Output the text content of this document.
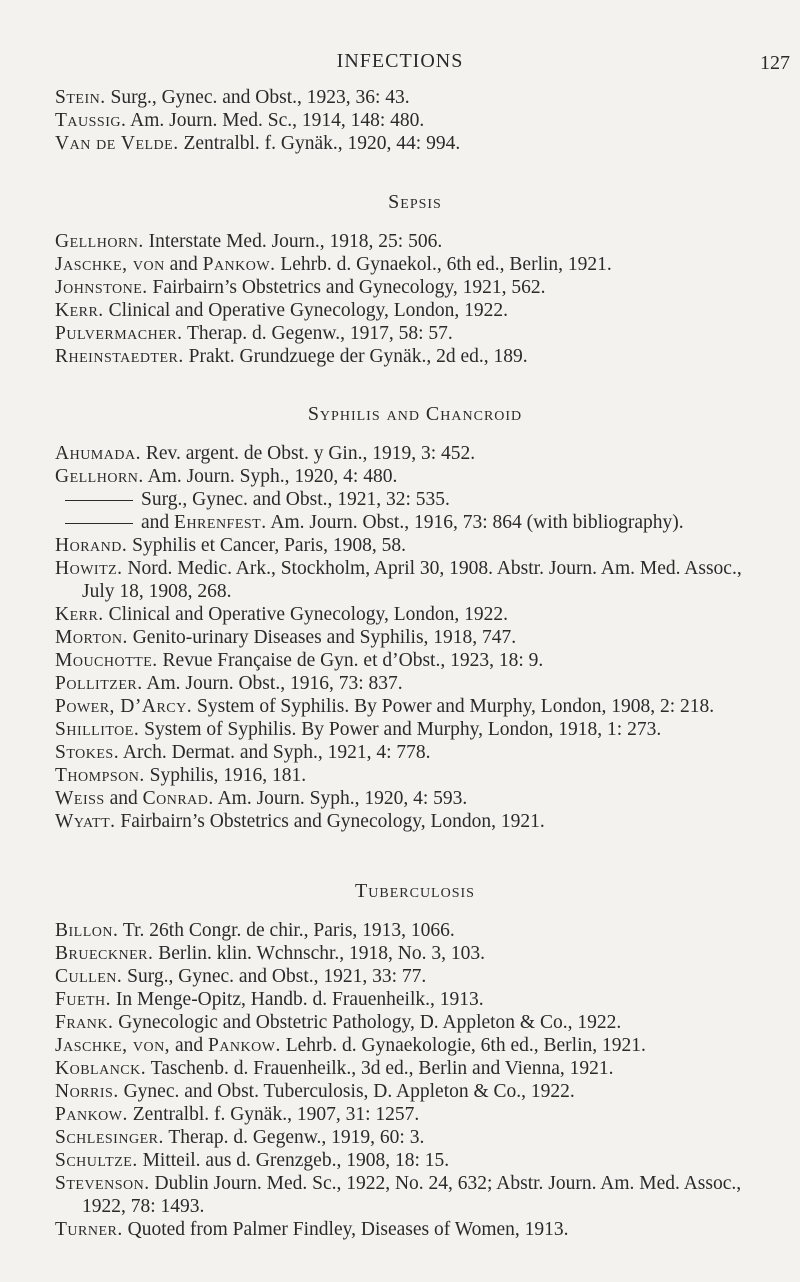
INFECTIONS	127

Stein. Surg., Gynec. and Obst., 1923, 36: 43.

Taussig. Am. Journ. Med. Sc., 1914, 148: 480.

Van de Velde. Zentralbl. f. Gynäk., 1920, 44: 994.

Sepsis

Gellhorn. Interstate Med. Journ., 1918, 25: 506.

Jaschke, von and Pankow. Lehrb. d. Gynaekol., 6th ed., Berlin, 1921.

Johnstone. Fairbairn’s Obstetrics and Gynecology, 1921, 562.

Kerr. Clinical and Operative Gynecology, London, 1922.

Pulvermacher. Therap. d. Gegenw., 1917, 58: 57.

Rheinstaedter. Prakt. Grundzuege der Gynäk., 2d ed., 189.

Syphilis and Chancroid

Ahumada. Rev. argent. de Obst. y Gin., 1919, 3: 452.

Gellhorn. Am. Journ. Syph., 1920, 4: 480.

Surg., Gynec. and Obst., 1921, 32: 535.

and Ehrenfest. Am. Journ. Obst., 1916, 73: 864 (with bibliography).

Horand. Syphilis et Cancer, Paris, 1908, 58.

Howitz. Nord. Medic. Ark., Stockholm, April 30, 1908. Abstr. Journ. Am. Med. Assoc., July 18, 1908, 268.

Kerr. Clinical and Operative Gynecology, London, 1922.

Morton. Genito-urinary Diseases and Syphilis, 1918, 747.

Mouchotte. Revue Française de Gyn. et d’Obst., 1923, 18: 9.

Pollitzer. Am. Journ. Obst., 1916, 73: 837.

Power, D’Arcy. System of Syphilis. By Power and Murphy, London, 1908, 2: 218.

Shillitoe. System of Syphilis. By Power and Murphy, London, 1918, 1: 273.

Stokes. Arch. Dermat. and Syph., 1921, 4: 778.

Thompson. Syphilis, 1916, 181.

Weiss and Conrad. Am. Journ. Syph., 1920, 4: 593.

Wyatt. Fairbairn’s Obstetrics and Gynecology, London, 1921.

Tuberculosis

Billon. Tr. 26th Congr. de chir., Paris, 1913, 1066.

Brueckner. Berlin. klin. Wchnschr., 1918, No. 3, 103.

Cullen. Surg., Gynec. and Obst., 1921, 33: 77.

Fueth. In Menge-Opitz, Handb. d. Frauenheilk., 1913.

Frank. Gynecologic and Obstetric Pathology, D. Appleton & Co., 1922.

Jaschke, von, and Pankow. Lehrb. d. Gynaekologie, 6th ed., Berlin, 1921.

Koblanck. Taschenb. d. Frauenheilk., 3d ed., Berlin and Vienna, 1921.

Norris. Gynec. and Obst. Tuberculosis, D. Appleton & Co., 1922.

Pankow. Zentralbl. f. Gynäk., 1907, 31: 1257.

Schlesinger. Therap. d. Gegenw., 1919, 60: 3.

Schultze. Mitteil. aus d. Grenzgeb., 1908, 18: 15.

Stevenson. Dublin Journ. Med. Sc., 1922, No. 24, 632; Abstr. Journ. Am. Med. Assoc., 1922, 78: 1493.

Turner. Quoted from Palmer Findley, Diseases of Women, 1913.
